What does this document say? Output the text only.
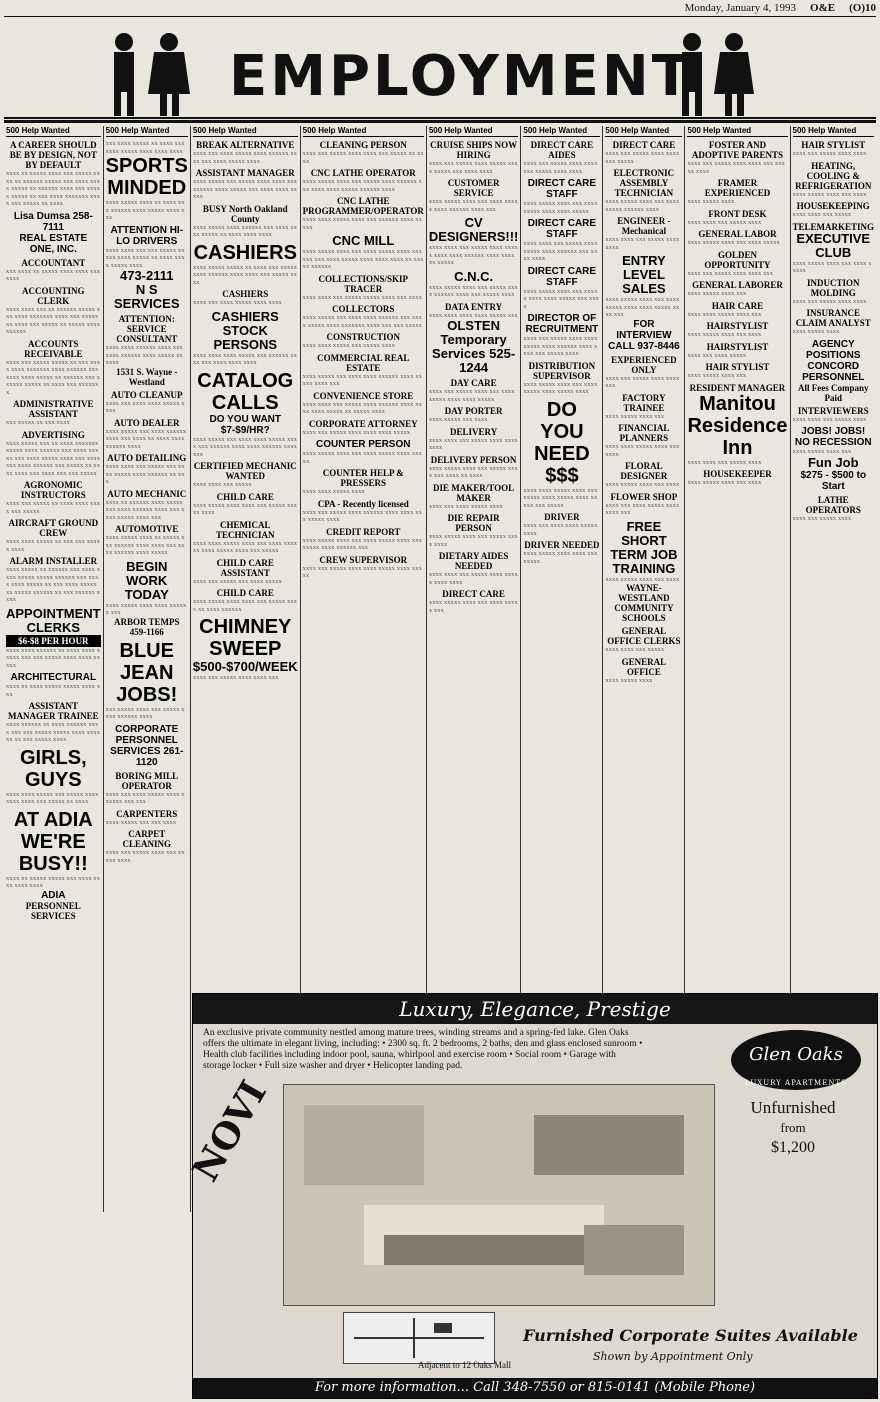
Monday, January 4, 1993 O&E (O)10
EMPLOYMENT
500 Help Wanted
A CAREER SHOULD BE BY DESIGN, NOT BY DEFAULT
xxxx xx xxxxx xxxx xxx xxxxx xxxx xx xxxxxx xxxxx xxx xxxx xxxx xxxxx xx xxxxxx xxxx xxx xxxxx xxxxx xx xxx xxxx xxxxxxx xxxx xxx xxxxx xx xxxx
Lisa Dumsa 258-7111
REAL ESTATE ONE, INC.
ACCOUNTANT
xxx xxxx xx xxxxx xxxx xxxx xxx xxxx
ACCOUNTING CLERK
xxxx xxxx xxx xx xxxxxx xxxxx xxx xxxx xxxxxxx xxxx xxx xxxxx xx xxxx xxx xxxxx xx xxxxx xxxx xxxxxx
ACCOUNTS RECEIVABLE
xxxx xxx xxxxx xxxxx xx xxx xxxx xxxx xxxxxxx xxxx xxxxxx xxx xxxx xxxx xxxxx xx xxxxxx xxx xxxxxx xxxxx xx xxxx xxx xxxxxxx
ADMINISTRATIVE ASSISTANT
xxx xxxxx xx xxx xxxx
ADVERTISING
xxxx xxxxx xxx xx xxxx xxxxxxx xxxxx xxxx xxxxxx xxx xxxx xxxxx xxx xxxx xxxxx xxxx xxx xxxxxxx xxxx xxxxxx xxx xxxxx xx xxxx xxxx xxx xxxx xxx xxx xxxxx
AGRONOMIC INSTRUCTORS
xxxx xxx xxxxx xx xxxx xxxx xxxx xxx xxxxx
AIRCRAFT GROUND CREW
xxxx xxxx xxxxx xx xxx xxx xxxxx xxxx
ALARM INSTALLER
xxxx xxxxx xx xxxxxx xxx xxxx xxxx xxxxx xxxxx xxxxxx xxx xxxx xxxx xxxxx xx xxx xxxx xxxxx xx xxxxx xxxxxx xx xxx xxxxxx xxxx
APPOINTMENT CLERKS
$6-$8 PER HOUR
xxxx xxxx xxxxxx xx xxxx xxxx xxxxx xxx xxx xxxxx xxxx xxxx xxxxx
ARCHITECTURAL
xxxx xx xxxx xxxxx xxxxx xxxx xxx
ASSISTANT MANAGER TRAINEE
xxxx xxxxxx xx xxxx xxxxxx xxxx xxx xxx xxxxx xxxxx xxxx xxxxxx xx xxx xxxxx xxxx
GIRLS, GUYS
xxxx xxxx xxxxx xxx xxxxx xxxx xxxx xxxx xxx xxxxx xx xxxx
AT ADIA WE'RE BUSY!!
xxxx xx xxxxx xxxxx xxx xxxx xxxx xxxx xxxx
ADIA
PERSONNEL SERVICES
500 Help Wanted
xxx xxxx xxxxx xx xxxx xxx xxxx xxxxx xxxx xxxx xxxx
SPORTS MINDED
xxxx xxxxx xxxx xx xxxx xxx xxxxxx xxxx xxxxx xxxx xxx
ATTENTION HI-LO DRIVERS
xxxx xxxx xxx xxx xxxxx xxxxx xxxx xxxxx xx xxxx xxxx xxxxx xxxx
473-2111
N S SERVICES
ATTENTION: SERVICE CONSULTANT
xxxx xxxx xxxxxx xxxx xxx xxxx xxxxxx xxxx xxxxx xx xxxx
1531 S. Wayne - Westland
AUTO CLEANUP
xxxx xxx xxxx xxxx xxxxx xxxx
AUTO DEALER
xxxx xxxxx xxx xxxx xxxxxx xxxx xxx xxxx xx xxxx xxxx xxxxxx xxxx
AUTO DETAILING
xxxx xxxx xxx xxxxx xxx xxxx xxxxx xxxx xxxxxx xx xxx
AUTO MECHANIC
xxxx xx xxxxxx xxxx xxxxx xxx xxxx xxxxxx xxxx xxx xxxx xxxxx xxxx xxx
AUTOMOTIVE
xxxx xxxxx xxxx xx xxxxx xxx xxxxxx xxxx xxxx xxx xxxx xxxxxx xxxx xxxxx
BEGIN WORK TODAY
xxxx xxxxx xxxx xxxx xxxxxx xxx
ARBOR TEMPS 459-1166
BLUE JEAN JOBS!
xxx xxxxx xxxx xxx xxxxx xxxx xxxxxx xxxx
CORPORATE PERSONNEL SERVICES 261-1120
BORING MILL OPERATOR
xxxx xxx xxxx xxxxx xxxx xxxxxx xxx xxx
CARPENTERS
xxxx xxxxx xxx xxx xxxx
CARPET CLEANING
xxxx xxx xxxxx xxxx xxx xxxxx xxxx
500 Help Wanted
BREAK ALTERNATIVE
xxxx xxx xxxx xxxxx xxxx xxxxxx xxxx xxx xxxx xxxxx xxxx
ASSISTANT MANAGER
xxxx xxxxx xxx xxxxx xxxx xxxx xxx xxxxxx xxxx xxxxx xxx xxxx xxxx xxxxx
BUSY North Oakland County
xxxx xxxxx xxxx xxxxxx xxx xxxx xxxx xxxxx xx xxxx xxxx xxxx
CASHIERS
xxxx xxxxx xxxxx xx xxxx xxx xxxxx xxxx xxxxxx xxxx xxxx xxx xxxxx xxxx
CASHIERS
xxxx xxx xxxx xxxxx xxxx xxxx
CASHIERS STOCK PERSONS
xxxx xxxx xxxx xxxxx xxx xxxxxx xxxx xxx xxxx xxxx xxxx
CATALOG CALLS
DO YOU WANT $7-$9/HR?
xxxx xxxxx xxx xxxx xxxx xxxxx xxxx xxx xxxxxx xxxx xxxx xxxxxx xxxx xxx
CERTIFIED MECHANIC WANTED
xxxx xxxx xxx xxxxx
CHILD CARE
xxxx xxxxx xxxx xxxx xxx xxxxx xxxxx xxxx
CHEMICAL TECHNICIAN
xxxx xxxx xxxxx xxxx xxx xxxx xxxxxx xxxx xxxxx xxxx xxx xxxxx
CHILD CARE ASSISTANT
xxxx xxx xxxxx xxx xxxx xxxxx
CHILD CARE
xxxx xxxxx xxxx xxxx xxx xxxxx xxxx xx xxxx xxxxxx
CHIMNEY SWEEP
$500-$700/WEEK
xxxx xxx xxxxx xxxx xxxx xxx
500 Help Wanted
CLEANING PERSON
xxxx xxx xxxxx xxxx xxxx xxx xxxxx xx xxxx
CNC LATHE OPERATOR
xxxx xxxxx xxxx xxx xxxxx xxxx xxxxxx xxx xxxx xxxx xxxxx xxxxxx xxxx
CNC LATHE PROGRAMMER/OPERATOR
xxxx xxxx xxxxx xxxx xxx xxxxxx xxxx xxxxx
CNC MILL
xxxx xxxxx xxxx xxx xxxx xxxxx xxxx xxxxxx xxx xxxx xxxxx xxxx xxxx xxxx xx xxxxx xxxxxx
COLLECTIONS/SKIP TRACER
xxxx xxxx xxx xxxxx xxxxx xxxx xxx xxxx
COLLECTORS
xxxx xxxxx xxx xxxx xxxx xxxxxx xxx xxxx xxxxx xxxx xxxxxxx xxxx xxx xxx xxxxx
CONSTRUCTION
xxxx xxxx xxxxx xxx xxxxx xxxx
COMMERCIAL REAL ESTATE
xxxx xxxxx xxx xxxx xxxx xxxxxx xxxx xxxxx xxxx xxx
CONVENIENCE STORE
xxxx xxxx xxx xxxxx xxxx xxxxxx xxxx xxxx xxxx xxxxx xx xxxxx xxxx
CORPORATE ATTORNEY
xxxx xxx xxxxx xxxx xxxx xxxx xxxxx
COUNTER PERSON
xxxx xxxxx xxxx xxx xxxx xxxxx xxxx xxxxx
COUNTER HELP & PRESSERS
xxxx xxxx xxxxx xxxx
CPA - Recently licensed
xxxx xxx xxxxx xxxx xxxxxx xxxx xxxx xxx xxxxx xxxx
CREDIT REPORT
xxxx xxxxx xxxx xxx xxxx xxxxx xxxx xxx xxxxx xxxx xxxxxx xxx
CREW SUPERVISOR
xxxx xxx xxxxx xxxx xxxx xxxxx xxxx xxxxx
500 Help Wanted
CRUISE SHIPS NOW HIRING
xxxx xxx xxxxx xxxx xxxxx xxxx xxxxx xxx xxxx xxxx
CUSTOMER SERVICE
xxxx xxxxx xxxx xxx xxxx xxxxx xxxx xxxxxx xxxx xxx
CV DESIGNERS!!!
xxxx xxxx xxx xxxxx xxxx xxxxx xxxx xxxx xxxxxx xxxx xxxx xx xxxxx
C.N.C.
xxxx xxxxx xxxx xxx xxxxx xxxx xxxxxx xxxx xxx xxxxx xxxx
DATA ENTRY
xxxx xxxx xxxx xxxx xxxxx xxx
OLSTEN Temporary Services 525-1244
DAY CARE
xxxx xxx xxxxx xxxx xxx xxxx xxxxx xxxx xxxx xxxxx
DAY PORTER
xxxx xxxxx xxx xxxx
DELIVERY
xxxx xxxx xxx xxxxx xxxx xxxx xxxx
DELIVERY PERSON
xxxx xxxxx xxxx xxx xxxxx xxxx xxx xxxx xx xxxx
DIE MAKER/TOOL MAKER
xxxx xxx xxxx xxxxx xxxx
DIE REPAIR PERSON
xxxx xxxxx xxxx xxx xxxxx xxxx xxxx
DIETARY AIDES NEEDED
xxxx xxxx xxx xxxxx xxxx xxxxx xxxx xxxx
DIRECT CARE
xxxx xxxxx xxxx xxx xxxx xxxxx xxx
500 Help Wanted
DIRECT CARE AIDES
xxxx xxx xxxxx xxxx xxxx xxx xxxxx xxxx xxxx
DIRECT CARE STAFF
xxxx xxxxx xxxx xxx xxxx xxxxx xxxx xxxx xxxxx
DIRECT CARE STAFF
xxxx xxxx xxx xxxxx xxxx xxxxx xxxx xxxxxx xxx xxxx xxxx
DIRECT CARE STAFF
xxxx xxxxx xxxx xxx xxxxx xxxx xxxx xxxxx xxx xxxx
DIRECTOR OF RECRUITMENT
xxxx xxx xxxxx xxxx xxxx xxxxx xxxx xxxxxx xxxx xxxx xxx xxxxx xxxx
DISTRIBUTION SUPERVISOR
xxxx xxxxx xxxx xxx xxxx xxxxx xxxx xxxxx xxxx
DO YOU NEED $$$
xxxx xxxx xxxxx xxxx xxx xxxxx xxxx xxxxx xxxx xxxxx xxx xxxxx
DRIVER
xxxx xxx xxxx xxxx xxxxx xxxx
DRIVER NEEDED
xxxx xxxxx xxxx xxxx xxx xxxxx
500 Help Wanted
DIRECT CARE
xxxx xxx xxxxx xxxx xxxx xxx xxxxx
ELECTRONIC ASSEMBLY TECHNICIAN
xxxx xxxxx xxxx xxx xxxx xxxxx xxxxxx xxxx
ENGINEER - Mechanical
xxxx xxxx xxx xxxxx xxxx xxxx
ENTRY LEVEL SALES
xxxx xxxxx xxxx xxx xxxx xxxxx xxxx xxxx xxxxx xxxx xxx
FOR INTERVIEW CALL 937-8446
EXPERIENCED ONLY
xxxx xxx xxxxx xxxx xxxx xxx
FACTORY TRAINEE
xxxx xxxxx xxxx xxx
FINANCIAL PLANNERS
xxxx xxxx xxxxx xxxx xxx xxxx
FLORAL DESIGNER
xxxx xxxxx xxxx xxx xxxx
FLOWER SHOP
xxxx xxx xxxx xxxxx xxxx xxxx xxx
FREE SHORT TERM JOB TRAINING
xxxx xxxxx xxxx xxx xxxx
WAYNE-WESTLAND COMMUNITY SCHOOLS
GENERAL OFFICE CLERKS
xxxx xxxx xxx xxxxx
GENERAL OFFICE
xxxx xxxxx xxxx
500 Help Wanted
FOSTER AND ADOPTIVE PARENTS
xxxx xxx xxxxx xxxx xxxx xxx xxxxx xxxx
FRAMER EXPERIENCED
xxxx xxxxx xxxx
FRONT DESK
xxxx xxxx xxx xxxxx xxxx
GENERAL LABOR
xxxx xxxxx xxxx xxx xxxx xxxxx
GOLDEN OPPORTUNITY
xxxx xxx xxxxx xxxx xxxx xxx
GENERAL LABORER
xxxx xxxxx xxxx xxx
HAIR CARE
xxxx xxxx xxxxx xxxx xxx
HAIRSTYLIST
xxxx xxxxx xxxx xxx xxxx
HAIRSTYLIST
xxxx xxx xxxx xxxxx
HAIR STYLIST
xxxx xxxxx xxxx xxx
RESIDENT MANAGER
Manitou Residence Inn
xxxx xxxx xxx xxxxx xxxx
HOUSEKEEPER
xxxx xxxxx xxxx xxx xxxx
500 Help Wanted
HAIR STYLIST
xxxx xxx xxxxx xxxx xxxx
HEATING, COOLING & REFRIGERATION
xxxx xxxxx xxxx xxx xxxx
HOUSEKEEPING
xxxx xxxx xxx xxxxx
TELEMARKETING
EXECUTIVE CLUB
xxxx xxxxx xxxx xxx xxxx xxxxx
INDUCTION MOLDING
xxxx xxx xxxxx xxxx xxxx
INSURANCE CLAIM ANALYST
xxxx xxxxx xxxx
AGENCY POSITIONS
CONCORD PERSONNEL
All Fees Company Paid
INTERVIEWERS
xxxx xxxx xxx xxxxx xxxx
JOBS! JOBS! NO RECESSION
xxxx xxxxx xxxx xxx
Fun Job
$275 - $500 to Start
LATHE OPERATORS
xxxx xxx xxxxx xxxx
Luxury, Elegance, Prestige
An exclusive private community nestled among mature trees, winding streams and a spring-fed lake. Glen Oaks offers the ultimate in elegant living, including: • 2300 sq. ft. 2 bedrooms, 2 baths, den and glass enclosed sunroom • Health club facilities including indoor pool, sauna, whirlpool and exercise room • Social room • Garage with storage locker • Full size washer and dryer • Helicopter landing pad.
Glen Oaks
LUXURY APARTMENTS
Unfurnished
from
$1,200
NOVI
Adjacent to 12 Oaks Mall
Furnished Corporate Suites Available
Shown by Appointment Only
For more information... Call 348-7550 or 815-0141 (Mobile Phone)
